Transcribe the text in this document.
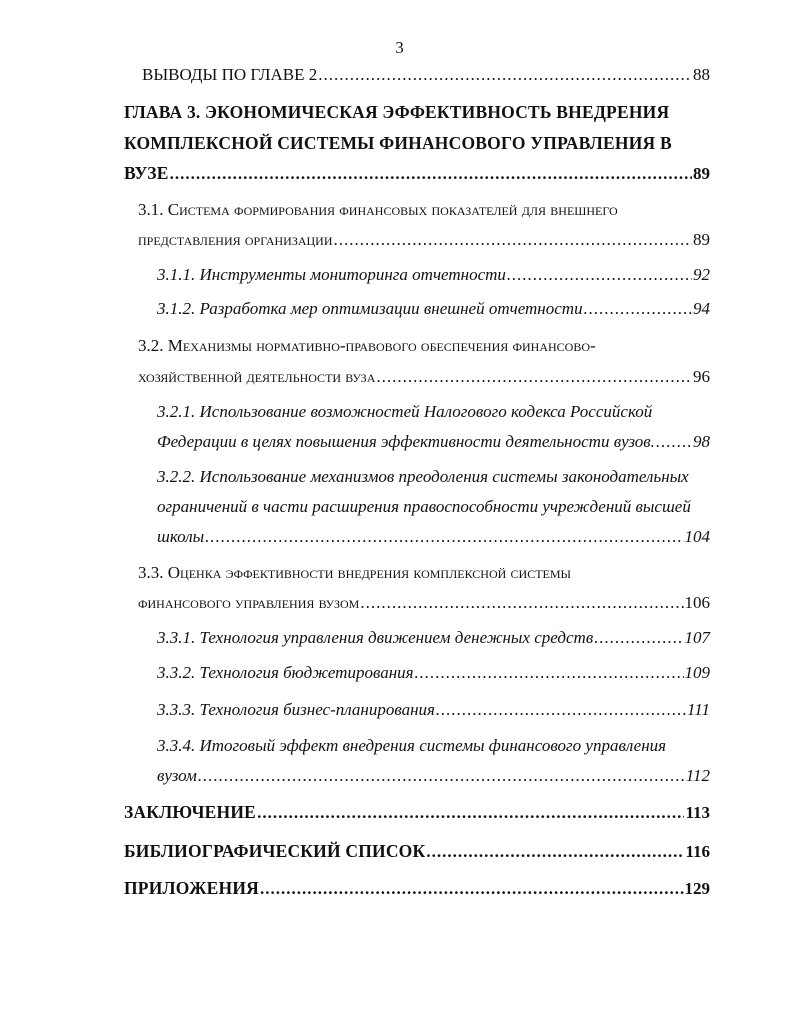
3
ВЫВОДЫ ПО ГЛАВЕ 2 .....	88
ГЛАВА 3. ЭКОНОМИЧЕСКАЯ ЭФФЕКТИВНОСТЬ ВНЕДРЕНИЯ
КОМПЛЕКСНОЙ СИСТЕМЫ ФИНАНСОВОГО УПРАВЛЕНИЯ В
ВУЗЕ .....	89
3.1. Система формирования финансовых показателей для внешнего
представления организации .....	89
3.1.1. Инструменты мониторинга отчетности .....	92
3.1.2. Разработка мер оптимизации внешней отчетности .....	94
3.2. Механизмы нормативно-правового обеспечения финансово-
хозяйственной деятельности вуза .....	96
3.2.1. Использование возможностей Налогового кодекса Российской
Федерации в целях повышения эффективности деятельности вузов. ..... 98
3.2.2. Использование механизмов преодоления системы законодательных
ограничений в части расширения правоспособности учреждений высшей
школы .....	104
3.3. Оценка эффективности внедрения комплексной системы
финансового управления вузом .....	106
3.3.1. Технология управления движением денежных средств .....	107
3.3.2. Технология бюджетирования .....	109
3.3.3. Технология бизнес-планирования .....	111
3.3.4. Итоговый эффект внедрения системы финансового управления
вузом .....	112
ЗАКЛЮЧЕНИЕ .....	113
БИБЛИОГРАФИЧЕСКИЙ СПИСОК .....	116
ПРИЛОЖЕНИЯ .....	129
